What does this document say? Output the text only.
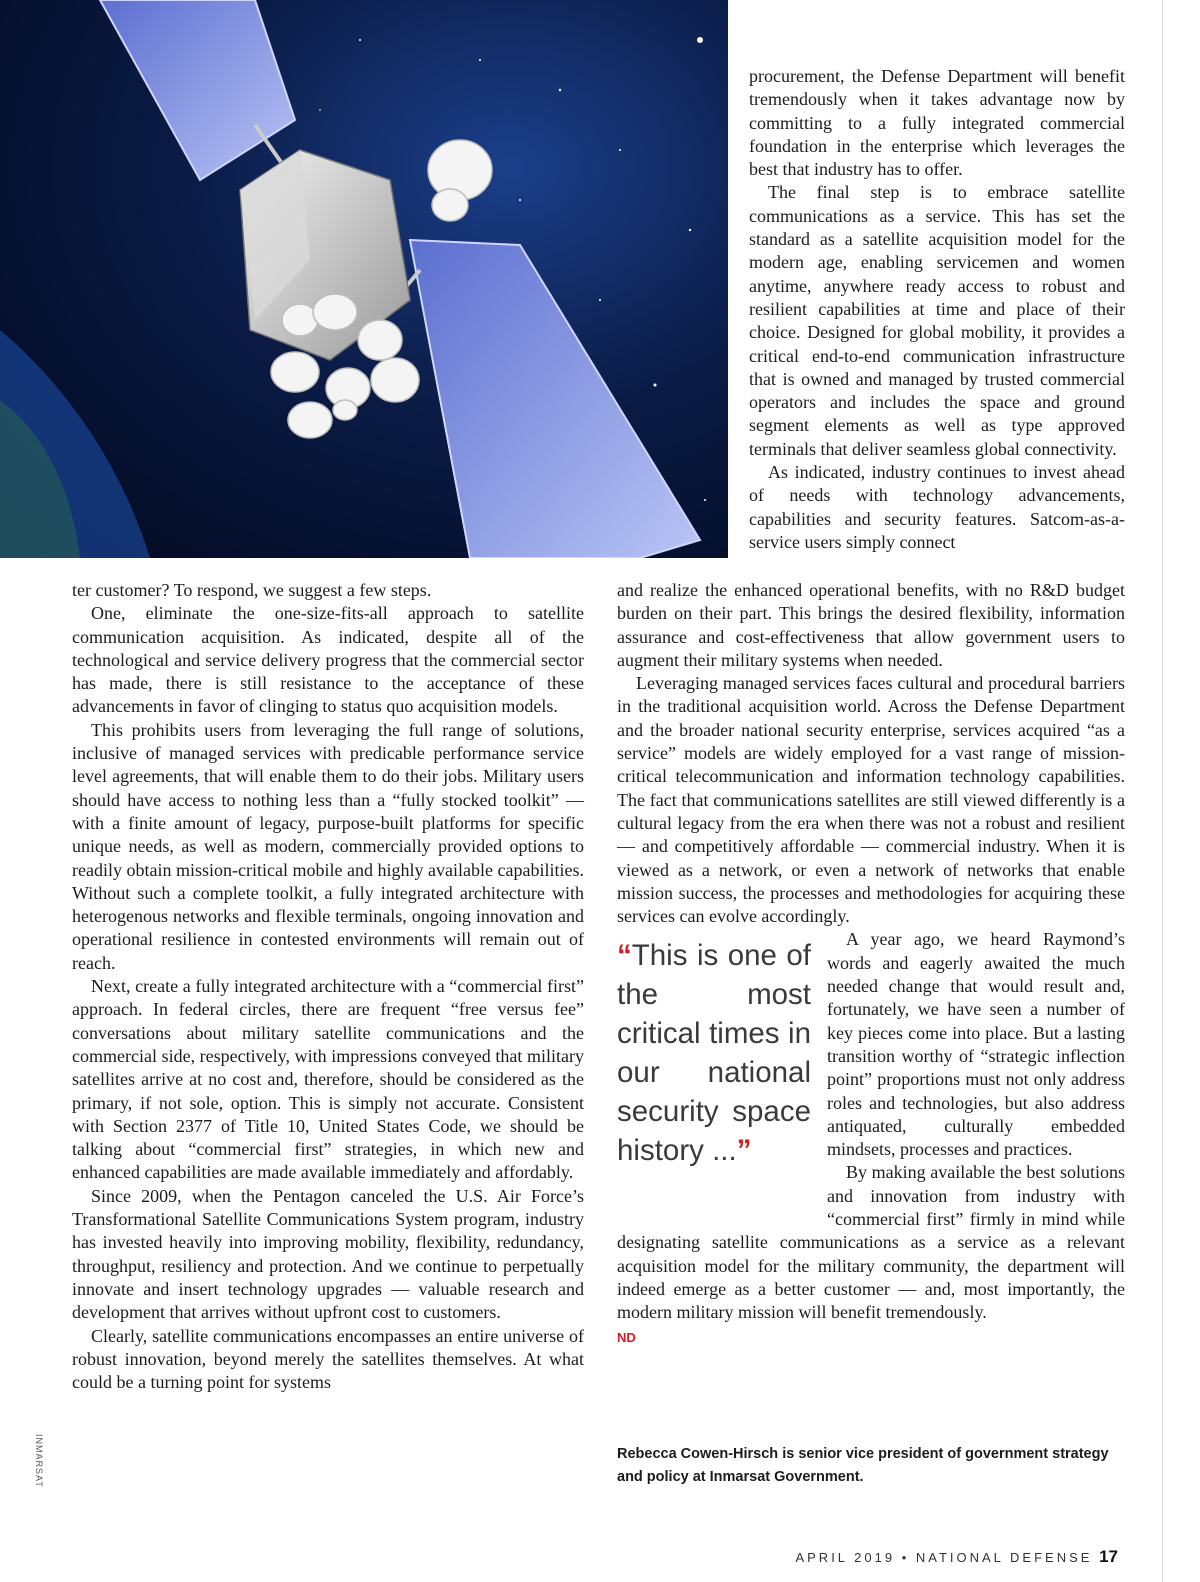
INMARSAT

procurement, the Defense Department will benefit tremendously when it takes advantage now by committing to a fully integrated commercial foundation in the enterprise which leverages the best that industry has to offer.

The final step is to embrace satellite communications as a service. This has set the standard as a satellite acquisition model for the modern age, enabling servicemen and women anytime, anywhere ready access to robust and resilient capabilities at time and place of their choice. Designed for global mobility, it provides a critical end-to-end communication infrastructure that is owned and managed by trusted commercial operators and includes the space and ground segment elements as well as type approved terminals that deliver seamless global connectivity.

As indicated, industry continues to invest ahead of needs with technology advancements, capabilities and security features. Satcom-as-a-service users simply connect

ter customer? To respond, we suggest a few steps.

One, eliminate the one-size-fits-all approach to satellite communication acquisition. As indicated, despite all of the technological and service delivery progress that the commercial sector has made, there is still resistance to the acceptance of these advancements in favor of clinging to status quo acquisition models.

This prohibits users from leveraging the full range of solutions, inclusive of managed services with predicable performance service level agreements, that will enable them to do their jobs. Military users should have access to nothing less than a “fully stocked toolkit” — with a finite amount of legacy, purpose-built platforms for specific unique needs, as well as modern, commercially provided options to readily obtain mission-critical mobile and highly available capabilities. Without such a complete toolkit, a fully integrated architecture with heterogenous networks and flexible terminals, ongoing innovation and operational resilience in contested environments will remain out of reach.

Next, create a fully integrated architecture with a “commercial first” approach. In federal circles, there are frequent “free versus fee” conversations about military satellite communications and the commercial side, respectively, with impressions conveyed that military satellites arrive at no cost and, therefore, should be considered as the primary, if not sole, option. This is simply not accurate. Consistent with Section 2377 of Title 10, United States Code, we should be talking about “commercial first” strategies, in which new and enhanced capabilities are made available immediately and affordably.

Since 2009, when the Pentagon canceled the U.S. Air Force’s Transformational Satellite Communications System program, industry has invested heavily into improving mobility, flexibility, redundancy, throughput, resiliency and protection. And we continue to perpetually innovate and insert technology upgrades — valuable research and development that arrives without upfront cost to customers.

Clearly, satellite communications encompasses an entire universe of robust innovation, beyond merely the satellites themselves. At what could be a turning point for systems

and realize the enhanced operational benefits, with no R&D budget burden on their part. This brings the desired flexibility, information assurance and cost-effectiveness that allow government users to augment their military systems when needed.

Leveraging managed services faces cultural and procedural barriers in the traditional acquisition world. Across the Defense Department and the broader national security enterprise, services acquired “as a service” models are widely employed for a vast range of mission-critical telecommunication and information technology capabilities. The fact that communications satellites are still viewed differently is a cultural legacy from the era when there was not a robust and resilient — and competitively affordable — commercial industry. When it is viewed as a network, or even a network of networks that enable mission success, the processes and methodologies for acquiring these services can evolve accordingly.

“This is one of the most critical times in our national security space history ...”

A year ago, we heard Raymond’s words and eagerly awaited the much needed change that would result and, fortunately, we have seen a number of key pieces come into place. But a lasting transition worthy of “strategic inflection point” proportions must not only address roles and technologies, but also address antiquated, culturally embedded mindsets, processes and practices.

By making available the best solutions and innovation from industry with “commercial first” firmly in mind while designating satellite communications as a service as a relevant acquisition model for the military community, the department will indeed emerge as a better customer — and, most importantly, the modern military mission will benefit tremendously.
ND

Rebecca Cowen-Hirsch is senior vice president of government strategy and policy at Inmarsat Government.
APRIL 2019 • NATIONAL DEFENSE 17
